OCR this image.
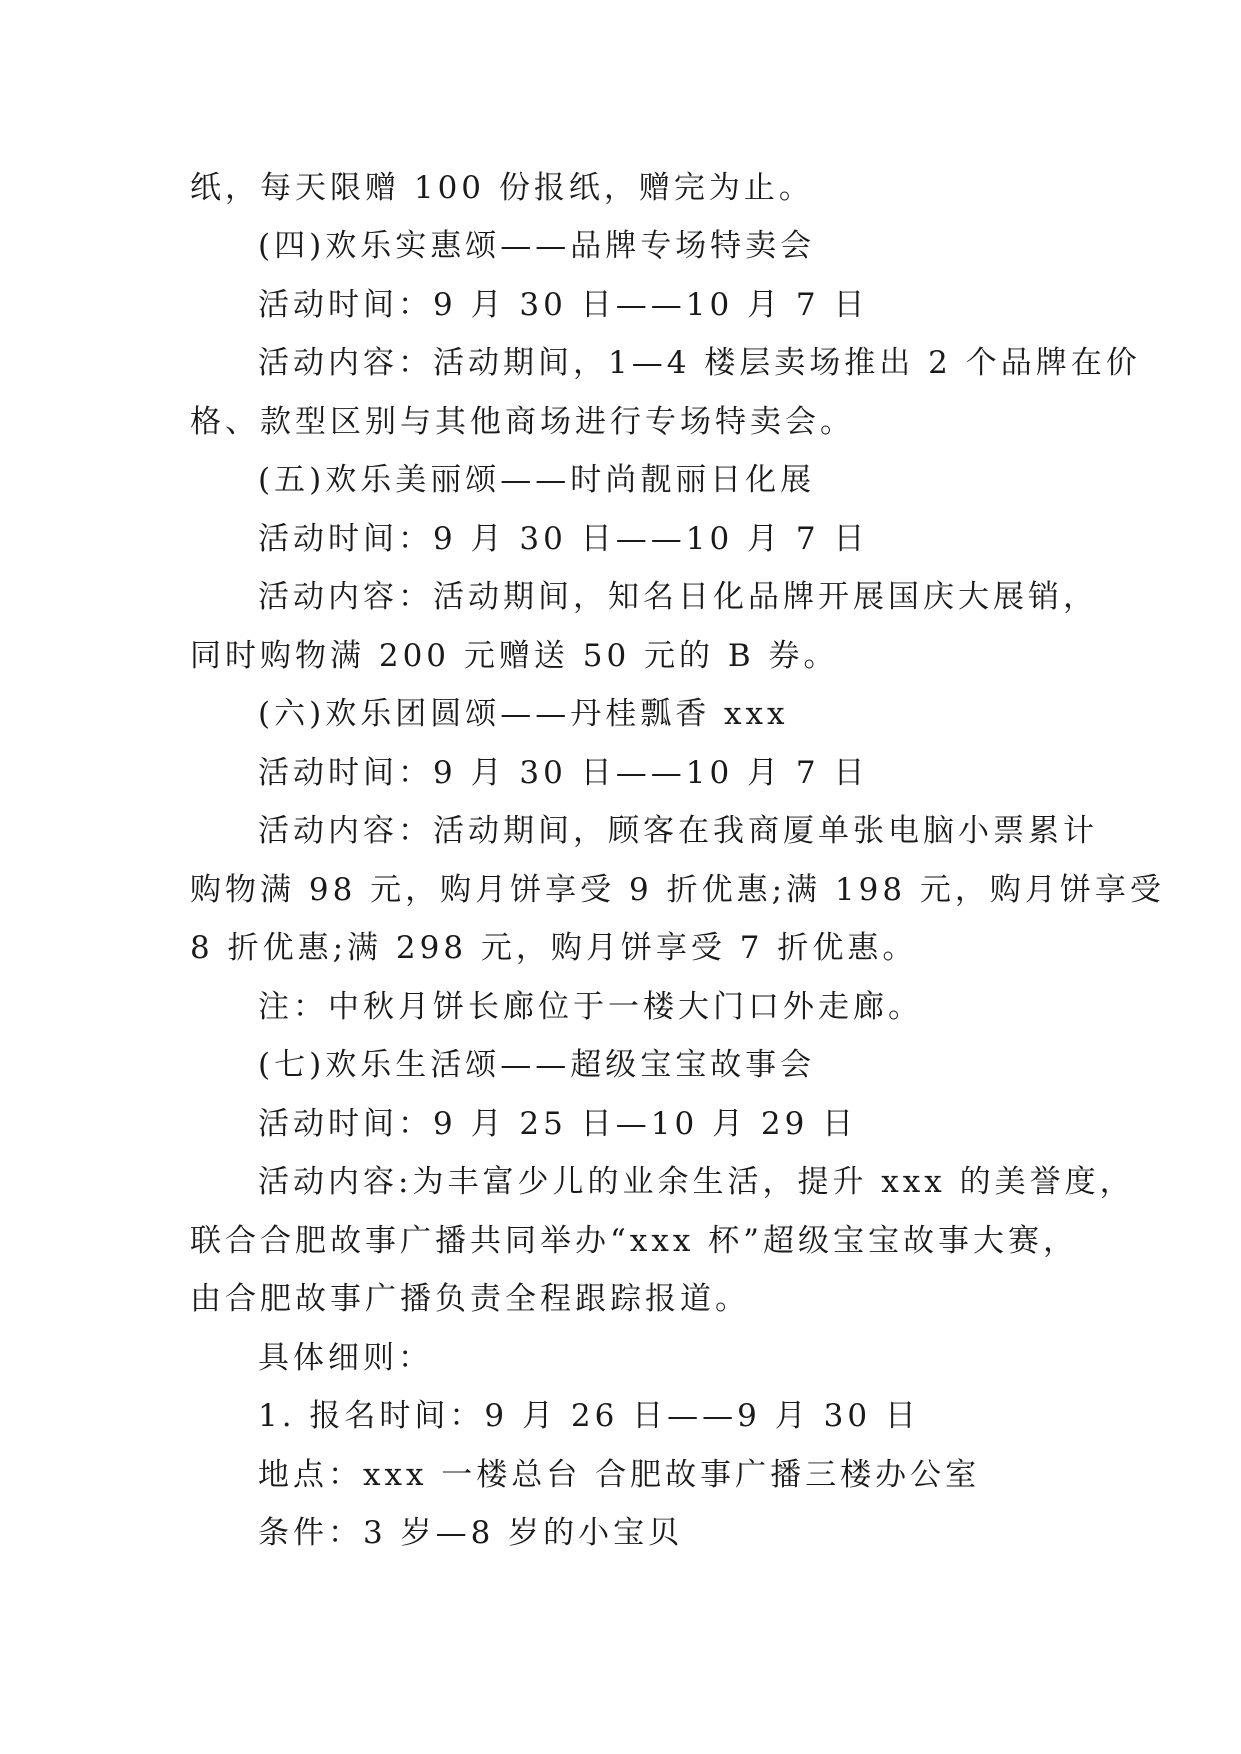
纸，每天限赠 100 份报纸，赠完为止。
(四)欢乐实惠颂——品牌专场特卖会
活动时间：9 月 30 日——10 月 7 日
活动内容：活动期间，1—4 楼层卖场推出 2 个品牌在价
格、款型区别与其他商场进行专场特卖会。
(五)欢乐美丽颂——时尚靓丽日化展
活动时间：9 月 30 日——10 月 7 日
活动内容：活动期间，知名日化品牌开展国庆大展销，
同时购物满 200 元赠送 50 元的 B 券。
(六)欢乐团圆颂——丹桂瓢香 xxx
活动时间：9 月 30 日——10 月 7 日
活动内容：活动期间，顾客在我商厦单张电脑小票累计
购物满 98 元，购月饼享受 9 折优惠;满 198 元，购月饼享受
8 折优惠;满 298 元，购月饼享受 7 折优惠。
注：中秋月饼长廊位于一楼大门口外走廊。
(七)欢乐生活颂——超级宝宝故事会
活动时间：9 月 25 日—10 月 29 日
活动内容:为丰富少儿的业余生活，提升 xxx 的美誉度，
联合合肥故事广播共同举办“xxx 杯”超级宝宝故事大赛，
由合肥故事广播负责全程跟踪报道。
具体细则：
1. 报名时间：9 月 26 日——9 月 30 日
地点：xxx 一楼总台 合肥故事广播三楼办公室
条件：3 岁—8 岁的小宝贝
